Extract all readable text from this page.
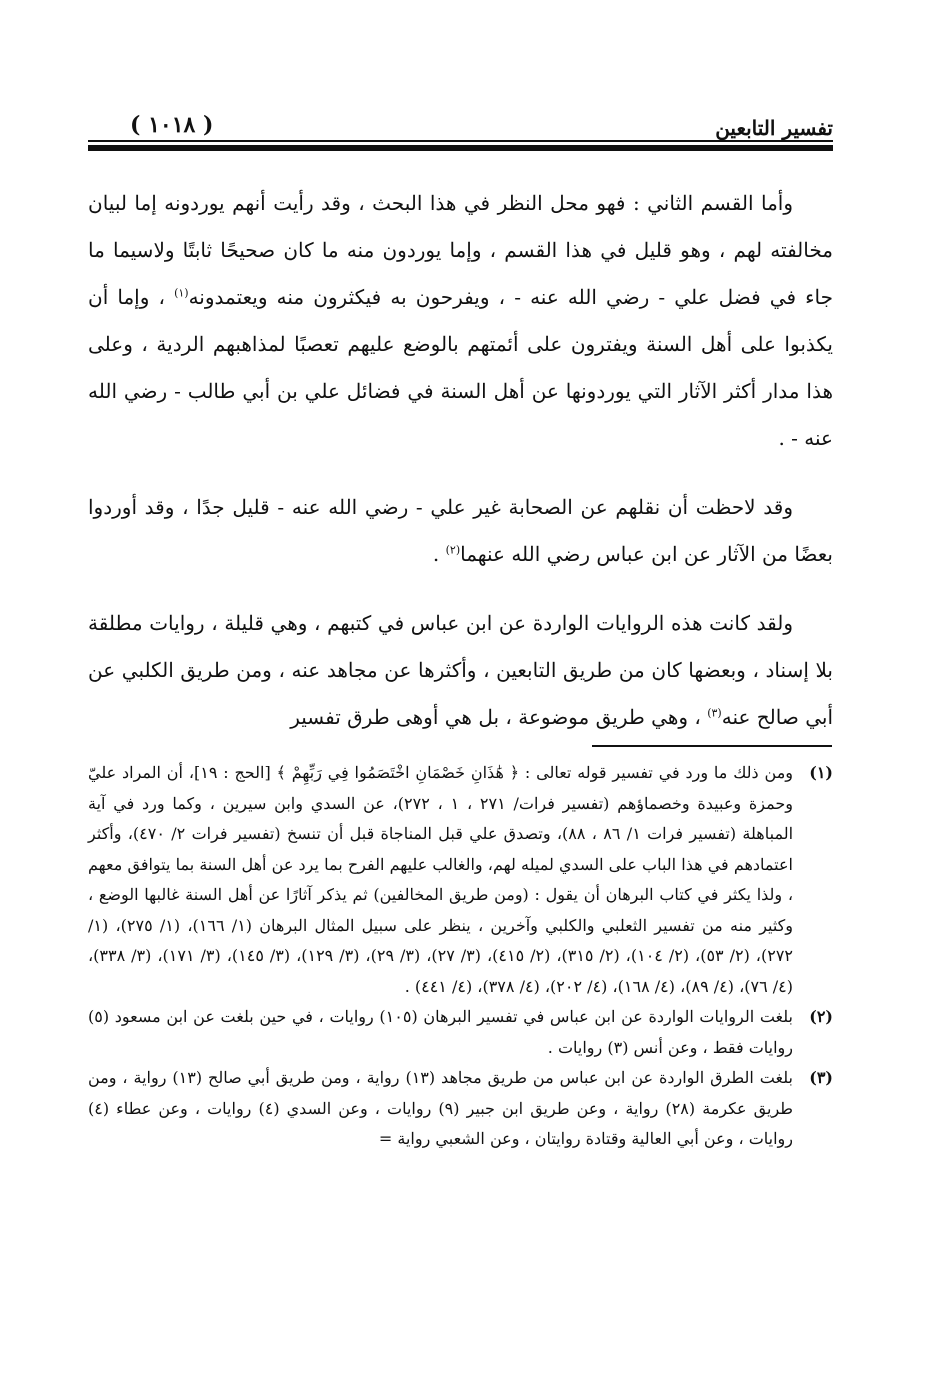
تفسير التابعين
( ١٠١٨ )

وأما القسم الثاني : فهو محل النظر في هذا البحث ، وقد رأيت أنهم يوردونه إما لبيان مخالفته لهم ، وهو قليل في هذا القسم ، وإما يوردون منه ما كان صحيحًا ثابتًا ولاسيما ما جاء في فضل علي - رضي الله عنه - ، ويفرحون به فيكثرون منه ويعتمدونه$^{(١)}$ ، وإما أن يكذبوا على أهل السنة ويفترون على أئمتهم بالوضع عليهم تعصبًا لمذاهبهم الردية ، وعلى هذا مدار أكثر الآثار التي يوردونها عن أهل السنة في فضائل علي بن أبي طالب - رضي الله عنه - .

وقد لاحظت أن نقلهم عن الصحابة غير علي - رضي الله عنه - قليل جدًا ، وقد أوردوا بعضًا من الآثار عن ابن عباس رضي الله عنهما$^{(٢)}$ .

ولقد كانت هذه الروايات الواردة عن ابن عباس في كتبهم ، وهي قليلة ، روايات مطلقة بلا إسناد ، وبعضها كان من طريق التابعين ، وأكثرها عن مجاهد عنه ، ومن طريق الكلبي عن أبي صالح عنه$^{(٣)}$ ، وهي طريق موضوعة ، بل هي أوهى طرق تفسير

(١)
ومن ذلك ما ورد في تفسير قوله تعالى : ﴿ هَٰذَانِ خَصْمَانِ اخْتَصَمُوا فِي رَبِّهِمْ ﴾ [الحج : ١٩]، أن المراد عليّ وحمزة وعبيدة وخصماؤهم (تفسير فرات/ ٢٧١ ، ١ ، ٢٧٢)، عن السدي وابن سيرين ، وكما ورد في آية المباهلة (تفسير فرات ١/ ٨٦ ، ٨٨)، وتصدق علي قبل المناجاة قبل أن تنسخ (تفسير فرات ٢/ ٤٧٠)، وأكثر اعتمادهم في هذا الباب على السدي لميله لهم، والغالب عليهم الفرح بما يرد عن أهل السنة بما يتوافق معهم ، ولذا يكثر في كتاب البرهان أن يقول : (ومن طريق المخالفين) ثم يذكر آثارًا عن أهل السنة غالبها الوضع ، وكثير منه من تفسير الثعلبي والكلبي وآخرين ، ينظر على سبيل المثال البرهان (١/ ١٦٦)، (١/ ٢٧٥)، (١/ ٢٧٢)، (٢/ ٥٣)، (٢/ ١٠٤)، (٢/ ٣١٥)، (٢/ ٤١٥)، (٣/ ٢٧)، (٣/ ٢٩)، (٣/ ١٢٩)، (٣/ ١٤٥)، (٣/ ١٧١)، (٣/ ٣٣٨)، (٤/ ٧٦)، (٤/ ٨٩)، (٤/ ١٦٨)، (٤/ ٢٠٢)، (٤/ ٣٧٨)، (٤/ ٤٤١) .
(٢)
بلغت الروايات الواردة عن ابن عباس في تفسير البرهان (١٠٥) روايات ، في حين بلغت عن ابن مسعود (٥) روايات فقط ، وعن أنس (٣) روايات .
(٣)
بلغت الطرق الواردة عن ابن عباس من طريق مجاهد (١٣) رواية ، ومن طريق أبي صالح (١٣) رواية ، ومن طريق عكرمة (٢٨) رواية ، وعن طريق ابن جبير (٩) روايات ، وعن السدي (٤) روايات ، وعن عطاء (٤) روايات ، وعن أبي العالية وقتادة روايتان ، وعن الشعبي رواية =
